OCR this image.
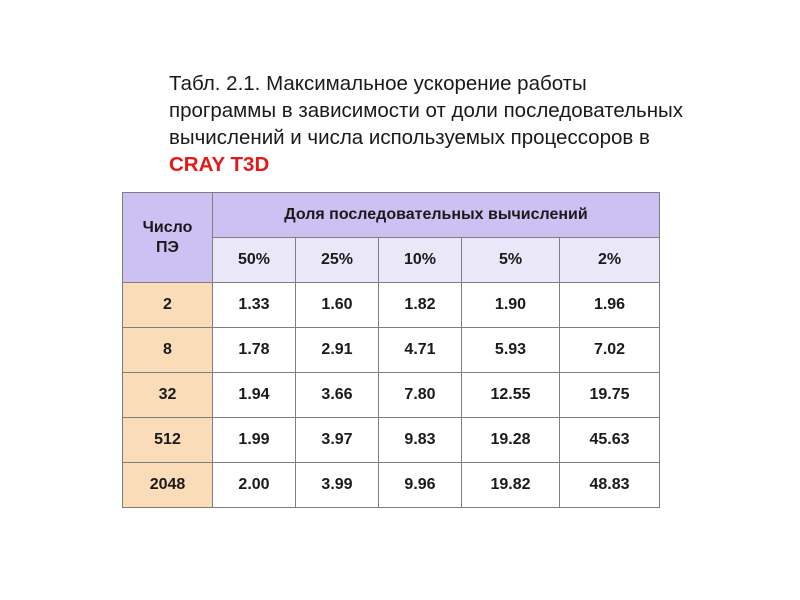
Табл. 2.1. Максимальное ускорение работы программы в зависимости от доли последовательных вычислений и числа используемых процессоров в CRAY T3D
Число
ПЭ	Доля последовательных вычислений				
	50%	25%	10%	5%	2%
2	1.33	1.60	1.82	1.90	1.96
8	1.78	2.91	4.71	5.93	7.02
32	1.94	3.66	7.80	12.55	19.75
512	1.99	3.97	9.83	19.28	45.63
2048	2.00	3.99	9.96	19.82	48.83
